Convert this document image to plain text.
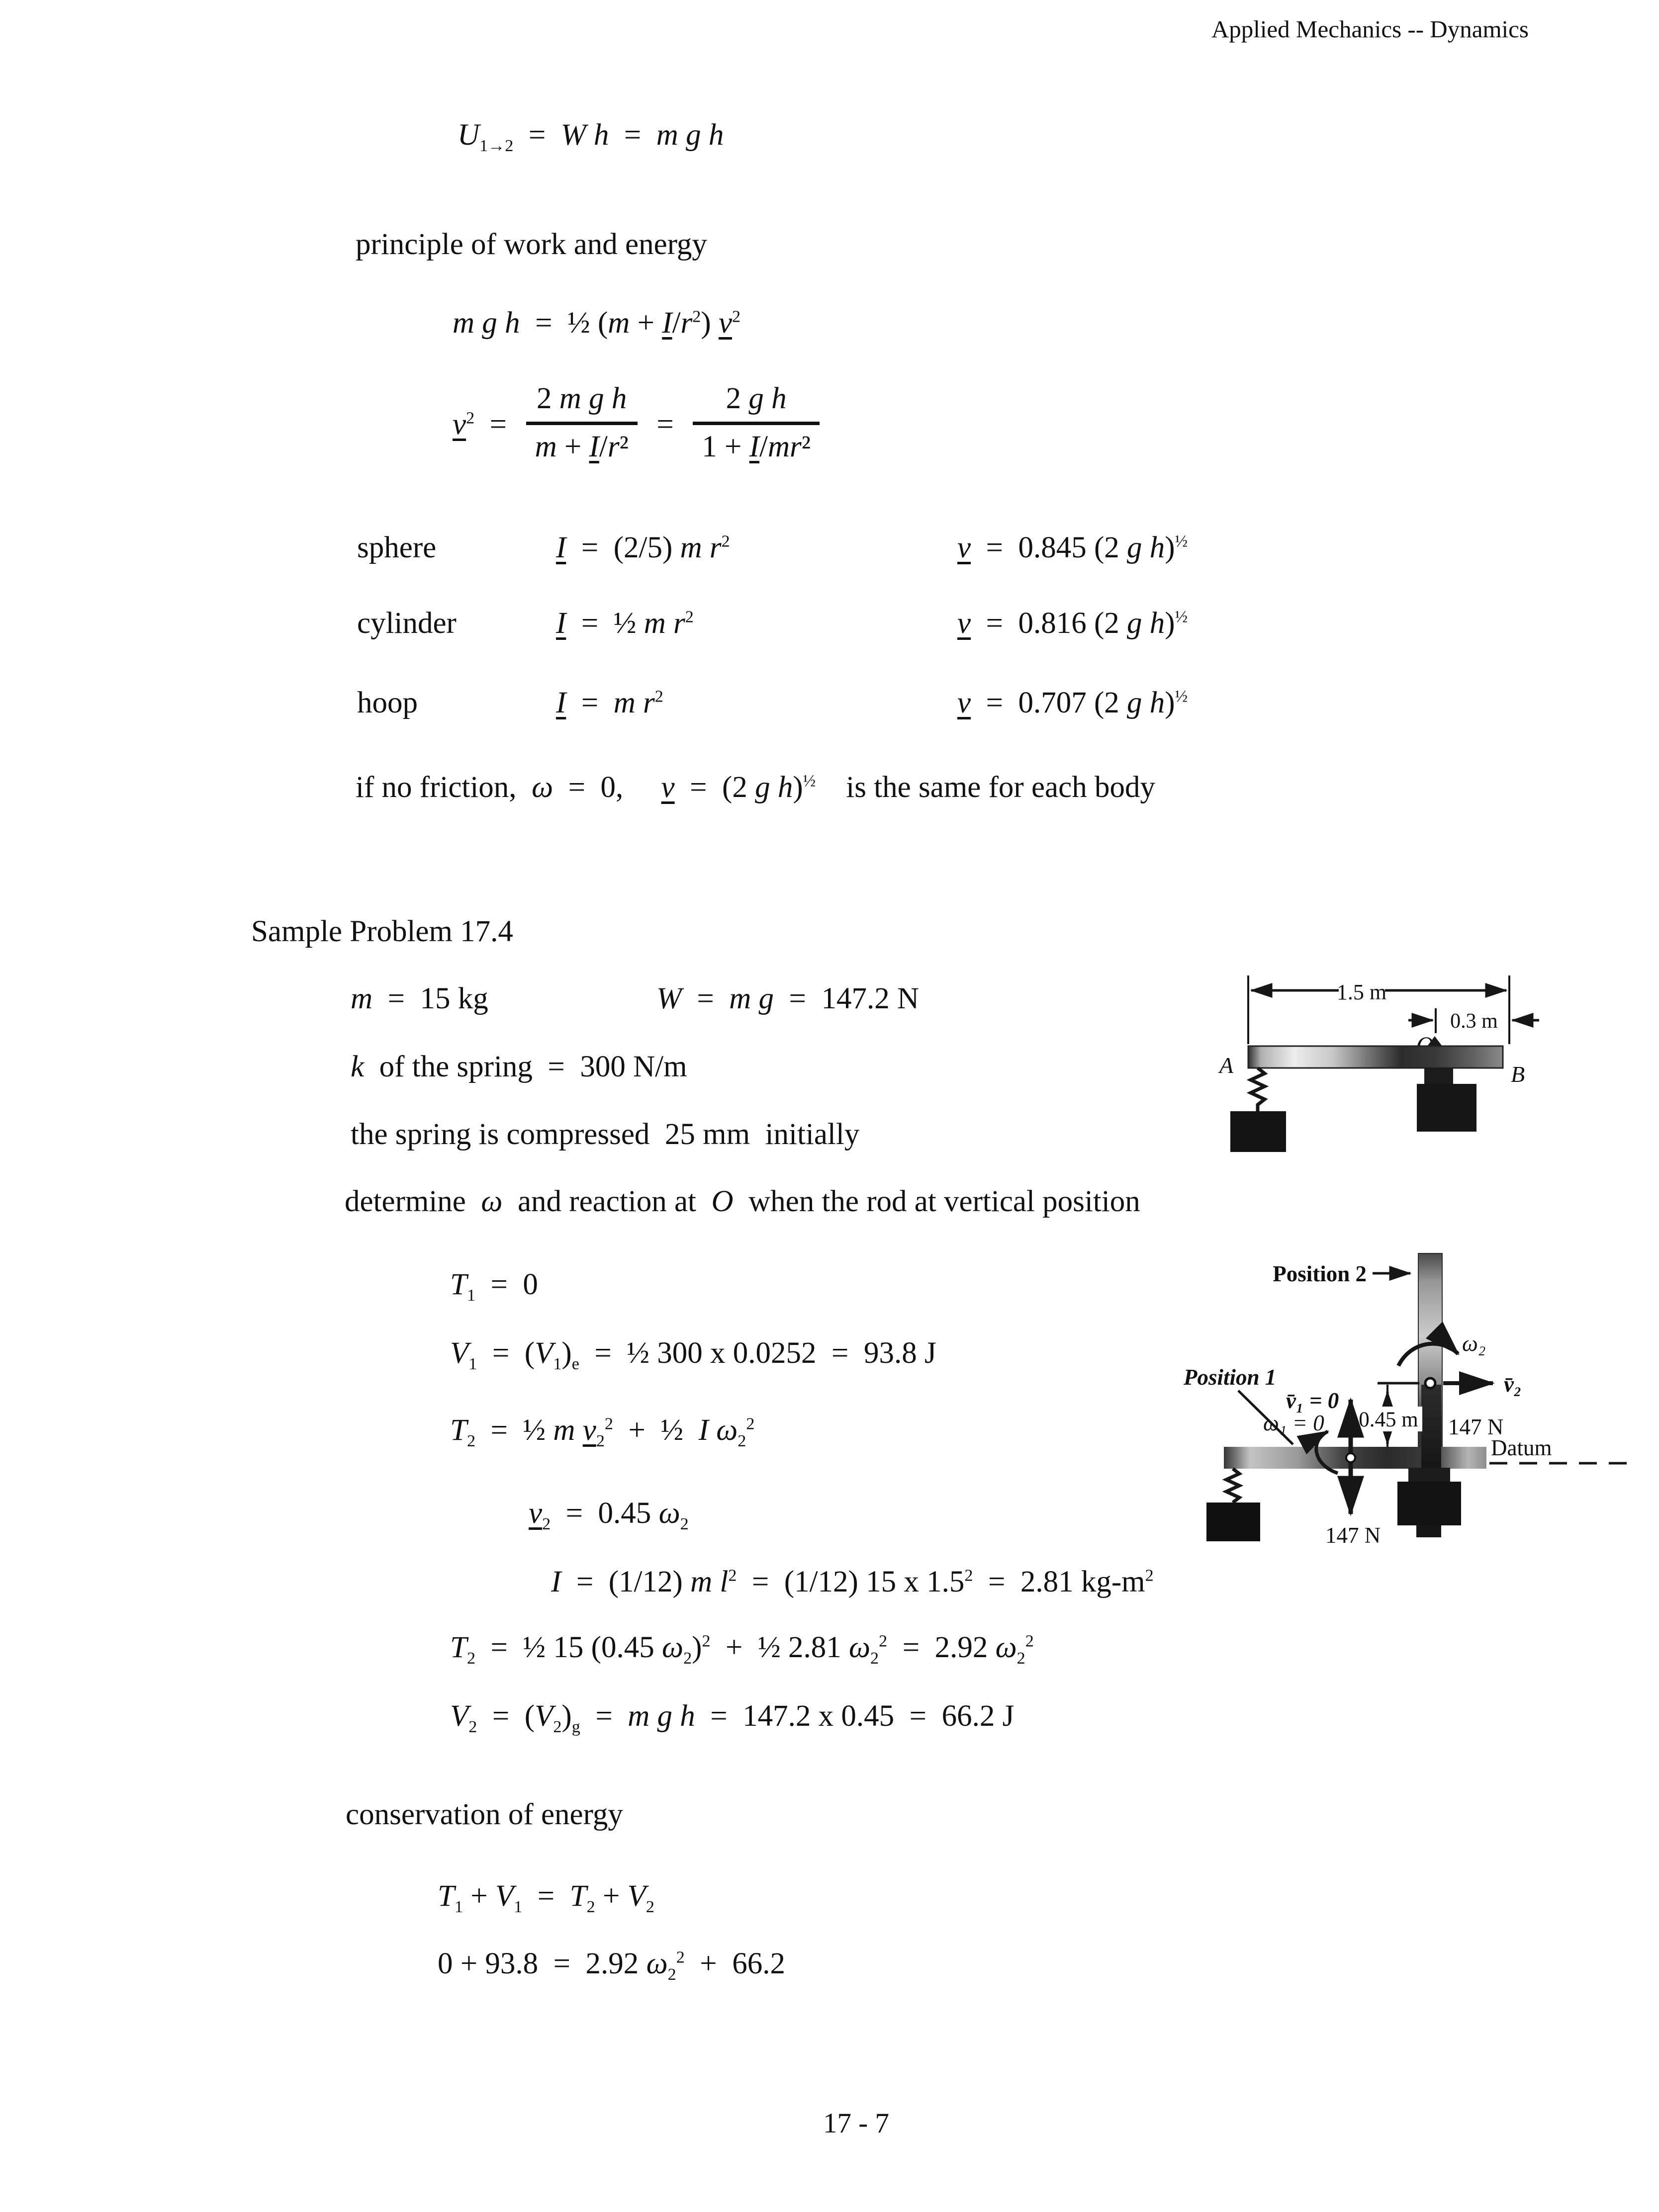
Applied Mechanics -- Dynamics
$U_{1\to 2} = W$ h  =  m g h
principle of work and energy
m g h  =  ½ $(m + I/r^2)$ $v^2$
$v^2 = \frac{\text{2 m g h}}{\text{m + I/r²}} = \frac{\text{2 g h}}{\text{1 + I/mr²}}$
sphere	I  =  (2/5) m $r^2$	v  =  0.845 (2 g h)$^{\frac{1}{2}}$
cylinder	I  =  ½ m $r^2$	v  =  0.816 (2 g h)$^{\frac{1}{2}}$
hoop	I  =  m $r^2$	v  =  0.707 (2 g h)$^{\frac{1}{2}}$
if no friction,  ω  =  0,     v  =  (2 g h)$^{\frac{1}{2}}$    is the same for each body
Sample Problem 17.4
m  =  15 kg	W  =  m g  =  147.2 N
k  of the spring  =  300 N/m
the spring is compressed  25 mm  initially
determine  ω  and reaction at  O  when the rod at vertical position
$T_1 = 0$
$V_1 = (V_1)_e$  =  ½ 300 x 0.0252  =  93.8 J
$T_2$  =  ½ m $v_2^2$  +  ½  I $\omega_2^2$
$v_2 = 0.45$ $\omega_2$
I  =  (1/12) m $l^2 = (1/12)$ 15 x $1.5^2 = 2.81$ $kg-m^2$
$T_2$  =  ½ 15 (0.45 $\omega_2)^2$  +  ½ 2.81 $\omega_2^2 = 2.92$ $\omega_2^2$
$V_2 = (V_2)_g = m$ g h  =  147.2 x 0.45  =  66.2 J
conservation of energy
$T_1 + V_1 = T_2 + V_2$
0 + 93.8  =  2.92 $\omega_2^2 + 66.2$
17 - 7
1.5 m
0.3 m
A	B
Position 2
ω₂
0.45 m
v̄₂
Position 1
v̄₁ = 0
ω₁ = 0	147 N
Datum
147 N
